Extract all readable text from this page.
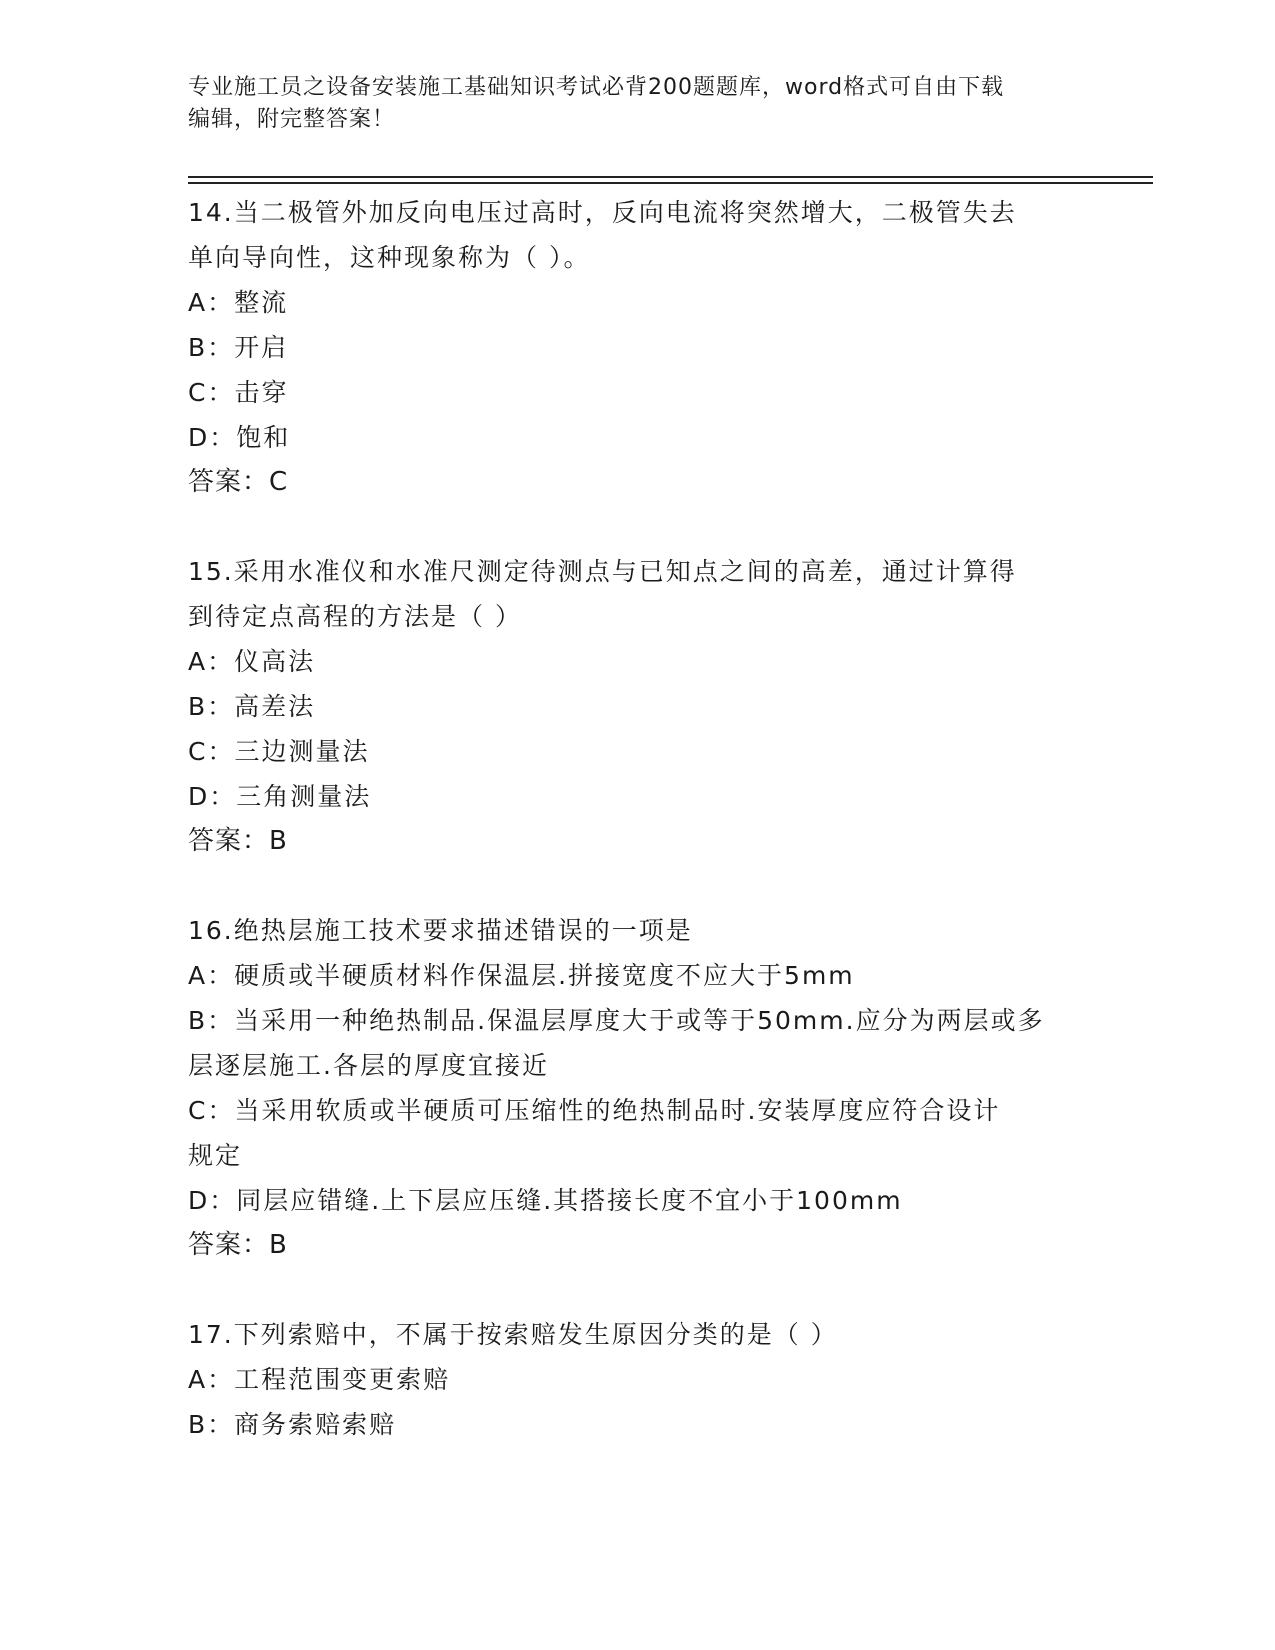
专业施工员之设备安装施工基础知识考试必背200题题库，word格式可自由下载
编辑，附完整答案！
14.当二极管外加反向电压过高时，反向电流将突然增大，二极管失去
单向导向性，这种现象称为（ ）。
A：整流
B：开启
C：击穿
D：饱和
答案：C
15.采用水准仪和水准尺测定待测点与已知点之间的高差，通过计算得
到待定点高程的方法是（ ）
A：仪高法
B：高差法
C：三边测量法
D：三角测量法
答案：B
16.绝热层施工技术要求描述错误的一项是
A：硬质或半硬质材料作保温层.拼接宽度不应大于5mm
B：当采用一种绝热制品.保温层厚度大于或等于50mm.应分为两层或多
层逐层施工.各层的厚度宜接近
C：当采用软质或半硬质可压缩性的绝热制品时.安装厚度应符合设计
规定
D：同层应错缝.上下层应压缝.其搭接长度不宜小于100mm
答案：B
17.下列索赔中，不属于按索赔发生原因分类的是（ ）
A：工程范围变更索赔
B：商务索赔索赔
